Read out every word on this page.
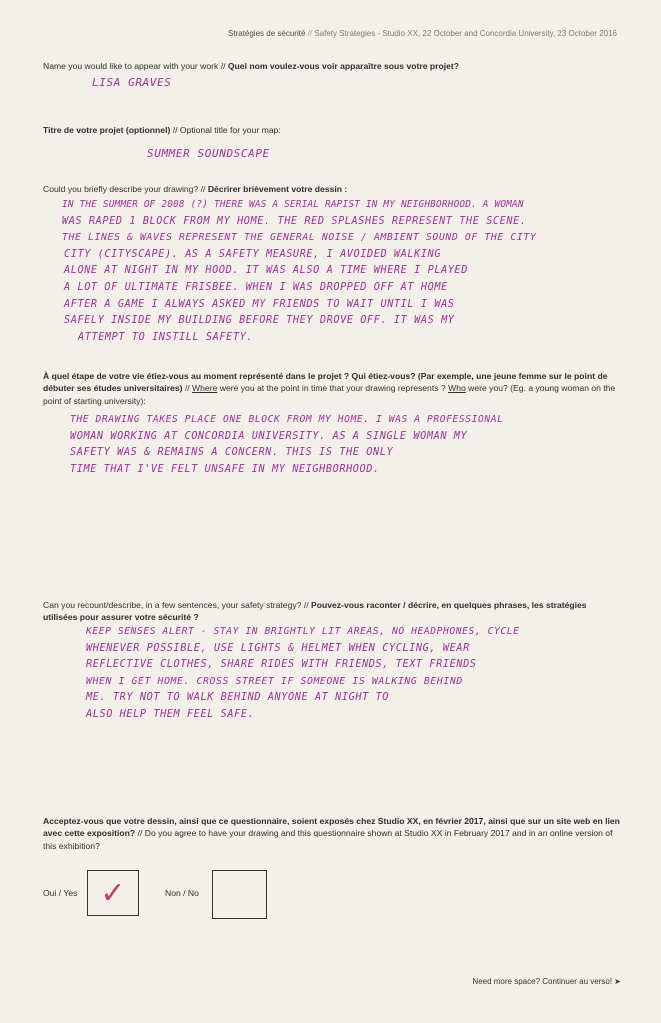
Stratégies de sécurité // Safety Strategies - Studio XX, 22 October and Concordia University, 23 October 2016
Name you would like to appear with your work // Quel nom voulez-vous voir apparaître sous votre projet?
LISA GRAVES
Titre de votre projet (optionnel) // Optional title for your map:
SUMMER SOUNDSCAPE
Could you briefly describe your drawing? // Décrirer brièvement votre dessin :
IN THE SUMMER OF 2008 (?) THERE WAS A SERIAL RAPIST IN MY NEIGHBORHOOD. A WOMAN
WAS RAPED 1 BLOCK FROM MY HOME. THE RED SPLASHES REPRESENT THE SCENE.
THE LINES & WAVES REPRESENT THE GENERAL NOISE / AMBIENT SOUND OF THE CITY
CITY (CITYSCAPE). AS A SAFETY MEASURE, I AVOIDED WALKING
ALONE AT NIGHT IN MY HOOD. IT WAS ALSO A TIME WHERE I PLAYED
A LOT OF ULTIMATE FRISBEE. WHEN I WAS DROPPED OFF AT HOME
AFTER A GAME I ALWAYS ASKED MY FRIENDS TO WAIT UNTIL I WAS
SAFELY INSIDE MY BUILDING BEFORE THEY DROVE OFF. IT WAS MY
ATTEMPT TO INSTILL SAFETY.
À quel étape de votre vie étiez-vous au moment représenté dans le projet ? Qui étiez-vous? (Par exemple, une jeune femme sur le point de débuter ses études universitaires) // Where were you at the point in time that your drawing represents ? Who were you? (Eg. a young woman on the point of starting university):
THE DRAWING TAKES PLACE ONE BLOCK FROM MY HOME. I WAS A PROFESSIONAL
WOMAN WORKING AT CONCORDIA UNIVERSITY. AS A SINGLE WOMAN MY
SAFETY WAS & REMAINS A CONCERN. THIS IS THE ONLY
TIME THAT I'VE FELT UNSAFE IN MY NEIGHBORHOOD.
Can you recount/describe, in a few sentences, your safety strategy? // Pouvez-vous raconter / décrire, en quelques phrases, les stratégies utilisées pour assurer votre sécurité ?
KEEP SENSES ALERT - STAY IN BRIGHTLY LIT AREAS, NO HEADPHONES, CYCLE
WHENEVER POSSIBLE, USE LIGHTS & HELMET WHEN CYCLING, WEAR
REFLECTIVE CLOTHES, SHARE RIDES WITH FRIENDS, TEXT FRIENDS
WHEN I GET HOME. CROSS STREET IF SOMEONE IS WALKING BEHIND
ME. TRY NOT TO WALK BEHIND ANYONE AT NIGHT TO
ALSO HELP THEM FEEL SAFE.
Acceptez-vous que votre dessin, ainsi que ce questionnaire, soient exposés chez Studio XX, en février 2017, ainsi que sur un site web en lien avec cette exposition? // Do you agree to have your drawing and this questionnaire shown at Studio XX in February 2017 and in an online version of this exhibition?
Oui / Yes ✓	Non / No
Need more space? Continuer au verso! ➤
